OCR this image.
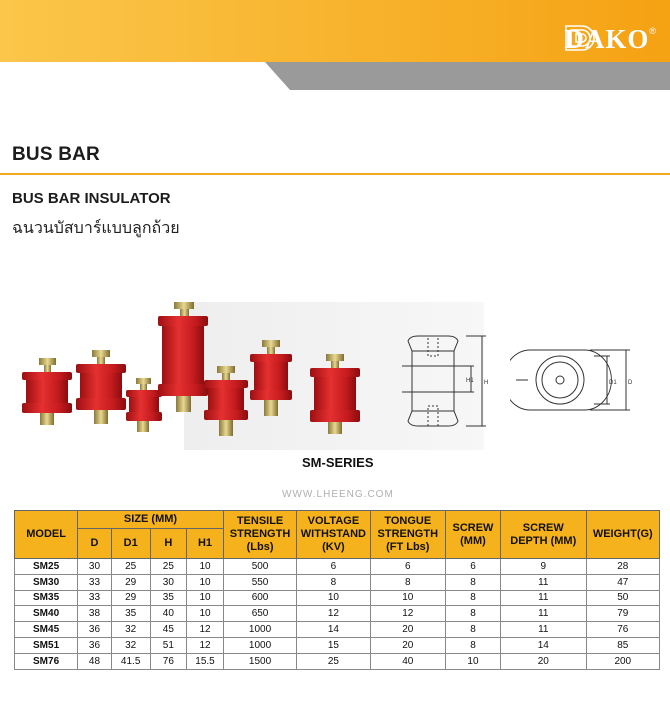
DAKO ®
BUS BAR
BUS BAR INSULATOR
ฉนวนบัสบาร์แบบลูกถ้วย
H1 H	D1 D
SM-SERIES
WWW.LHEENG.COM
MODEL	SIZE (MM)				TENSILE
STRENGTH
(Lbs)	VOLTAGE
WITHSTAND
(KV)	TONGUE
STRENGTH
(FT Lbs)	SCREW
(MM)	SCREW
DEPTH (MM)	WEIGHT(G)
	D	D1	H	H1						
SM25	30	25	25	10	500	6	6	6	9	28
SM30	33	29	30	10	550	8	8	8	11	47
SM35	33	29	35	10	600	10	10	8	11	50
SM40	38	35	40	10	650	12	12	8	11	79
SM45	36	32	45	12	1000	14	20	8	11	76
SM51	36	32	51	12	1000	15	20	8	14	85
SM76	48	41.5	76	15.5	1500	25	40	10	20	200
